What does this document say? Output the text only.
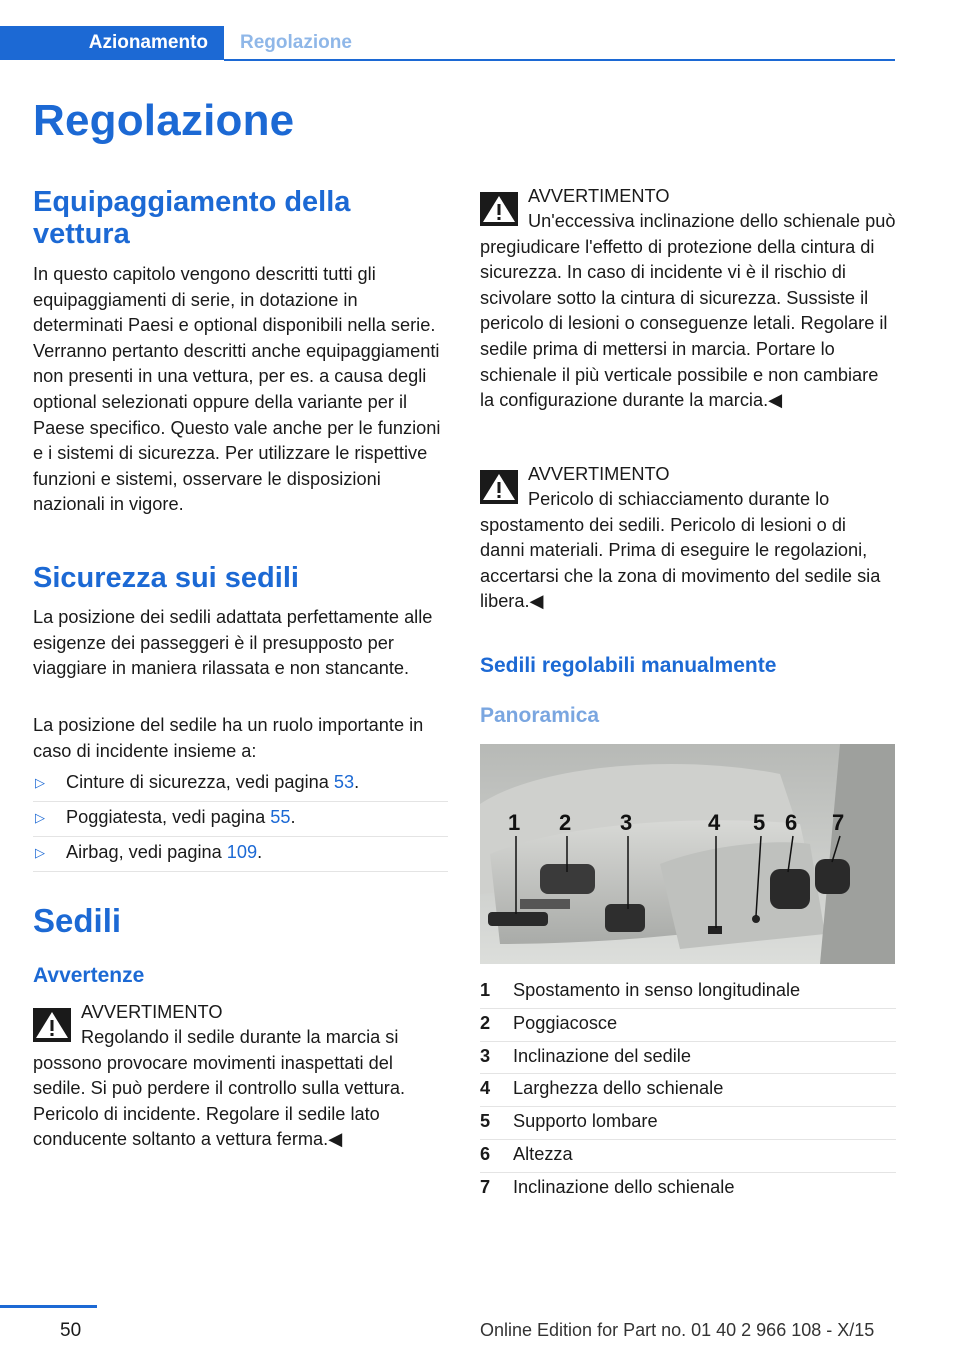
Azionamento	Regolazione
Regolazione
Equipaggiamento della vettura

In questo capitolo vengono descritti tutti gli equipaggiamenti di serie, in dotazione in determinati Paesi e optional disponibili nella serie. Verranno pertanto descritti anche equipaggiamenti non presenti in una vettura, per es. a causa degli optional selezionati oppure della variante per il Paese specifico. Questo vale anche per le funzioni e i sistemi di sicurezza. Per utilizzare le rispettive funzioni e sistemi, osservare le disposizioni nazionali in vigore.

Sicurezza sui sedili

La posizione dei sedili adattata perfettamente alle esigenze dei passeggeri è il presupposto per viaggiare in maniera rilassata e non stancante.

La posizione del sedile ha un ruolo importante in caso di incidente insieme a:

▷ Cinture di sicurezza, vedi pagina 53.
▷ Poggiatesta, vedi pagina 55.
▷ Airbag, vedi pagina 109.
Sedili
Avvertenze
AVVERTIMENTO
Regolando il sedile durante la marcia si possono provocare movimenti inaspettati del sedile. Si può perdere il controllo sulla vettura. Pericolo di incidente. Regolare il sedile lato conducente soltanto a vettura ferma.◀
AVVERTIMENTO
Un'eccessiva inclinazione dello schienale può pregiudicare l'effetto di protezione della cintura di sicurezza. In caso di incidente vi è il rischio di scivolare sotto la cintura di sicurezza. Sussiste il pericolo di lesioni o conseguenze letali. Regolare il sedile prima di mettersi in marcia. Portare lo schienale il più verticale possibile e non cambiare la configurazione durante la marcia.◀
AVVERTIMENTO
Pericolo di schiacciamento durante lo spostamento dei sedili. Pericolo di lesioni o di danni materiali. Prima di eseguire le regolazioni, accertarsi che la zona di movimento del sedile sia libera.◀
Sedili regolabili manualmente
Panoramica
1 2 3	4 5 6 7
1 Spostamento in senso longitudinale
2 Poggiacosce
3 Inclinazione del sedile
4 Larghezza dello schienale
5 Supporto lombare
6 Altezza
7 Inclinazione dello schienale
50	Online Edition for Part no. 01 40 2 966 108 - X/15
